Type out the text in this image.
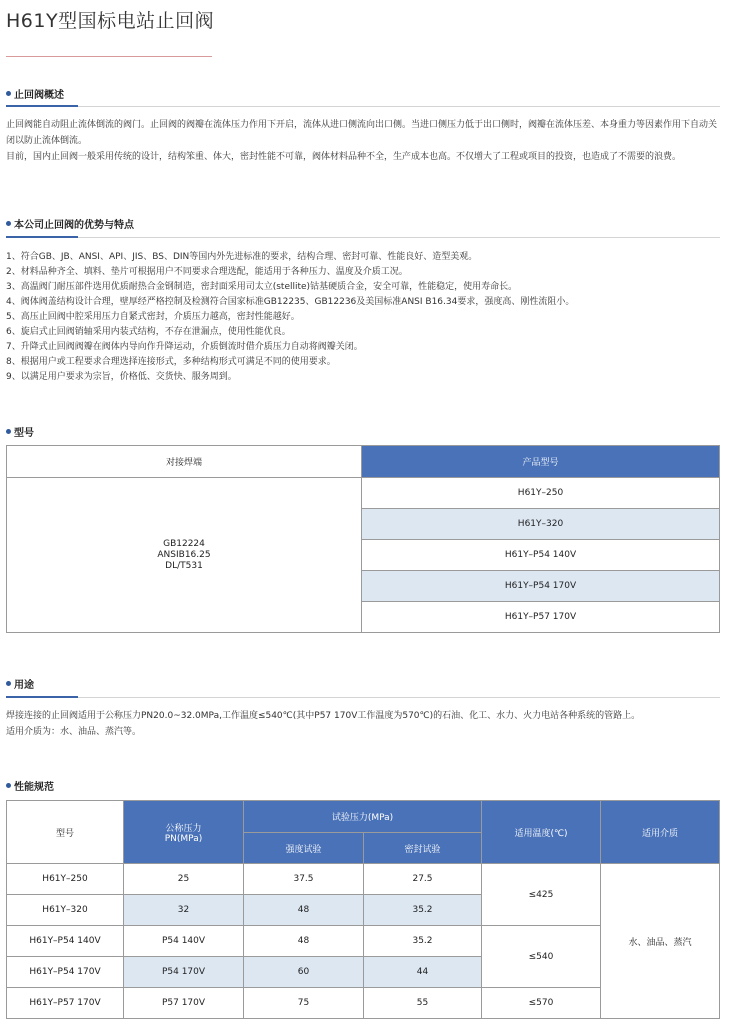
H61Y型国标电站止回阀
止回阀概述
止回阀能自动阻止流体倒流的阀门。止回阀的阀瓣在流体压力作用下开启，流体从进口侧流向出口侧。当进口侧压力低于出口侧时，阀瓣在流体压差、本身重力等因素作用下自动关闭以防止流体倒流。
目前，国内止回阀一般采用传统的设计，结构笨重、体大，密封性能不可靠，阀体材料品种不全，生产成本也高。不仅增大了工程或项目的投资，也造成了不需要的浪费。
本公司止回阀的优势与特点
1、符合GB、JB、ANSI、API、JIS、BS、DIN等国内外先进标准的要求，结构合理、密封可靠、性能良好、造型美观。
2、材料品种齐全、填料、垫片可根据用户不同要求合理选配，能适用于各种压力、温度及介质工况。
3、高温阀门耐压部件选用优质耐热合金钢制造，密封面采用司太立(stellite)钴基硬质合金，安全可靠，性能稳定，使用寿命长。
4、阀体阀盖结构设计合理，壁厚经严格控制及检测符合国家标准GB12235、GB12236及美国标准ANSI B16.34要求，强度高、刚性流阻小。
5、高压止回阀中腔采用压力自紧式密封，介质压力越高，密封性能越好。
6、旋启式止回阀销轴采用内装式结构，不存在泄漏点，使用性能优良。
7、升降式止回阀阀瓣在阀体内导向作升降运动，介质倒流时借介质压力自动将阀瓣关闭。
8、根据用户或工程要求合理选择连接形式，多种结构形式可满足不同的使用要求。
9、以满足用户要求为宗旨，价格低、交货快、服务周到。
型号
对接焊端	产品型号

GB12224
ANSIB16.25
DL/T531	H61Y–250
	H61Y–320
	H61Y–P54 140V
	H61Y–P54 170V
	H61Y–P57 170V
用途
焊接连接的止回阀适用于公称压力PN20.0~32.0MPa,工作温度≤540℃(其中P57 170V工作温度为570℃)的石油、化工、水力、火力电站各种系统的管路上。
适用介质为：水、油品、蒸汽等。
性能规范
型号	公称压力PN(MPa)	试验压力(MPa)		适用温度(℃)	适用介质
		强度试验	密封试验		
H61Y–250	25	37.5	27.5	≤425	水、油品、蒸汽
H61Y–320	32	48	35.2		
H61Y–P54 140V	P54 140V	48	35.2	≤540	
H61Y–P54 170V	P54 170V	60	44		
H61Y–P57 170V	P57 170V	75	55	≤570	
